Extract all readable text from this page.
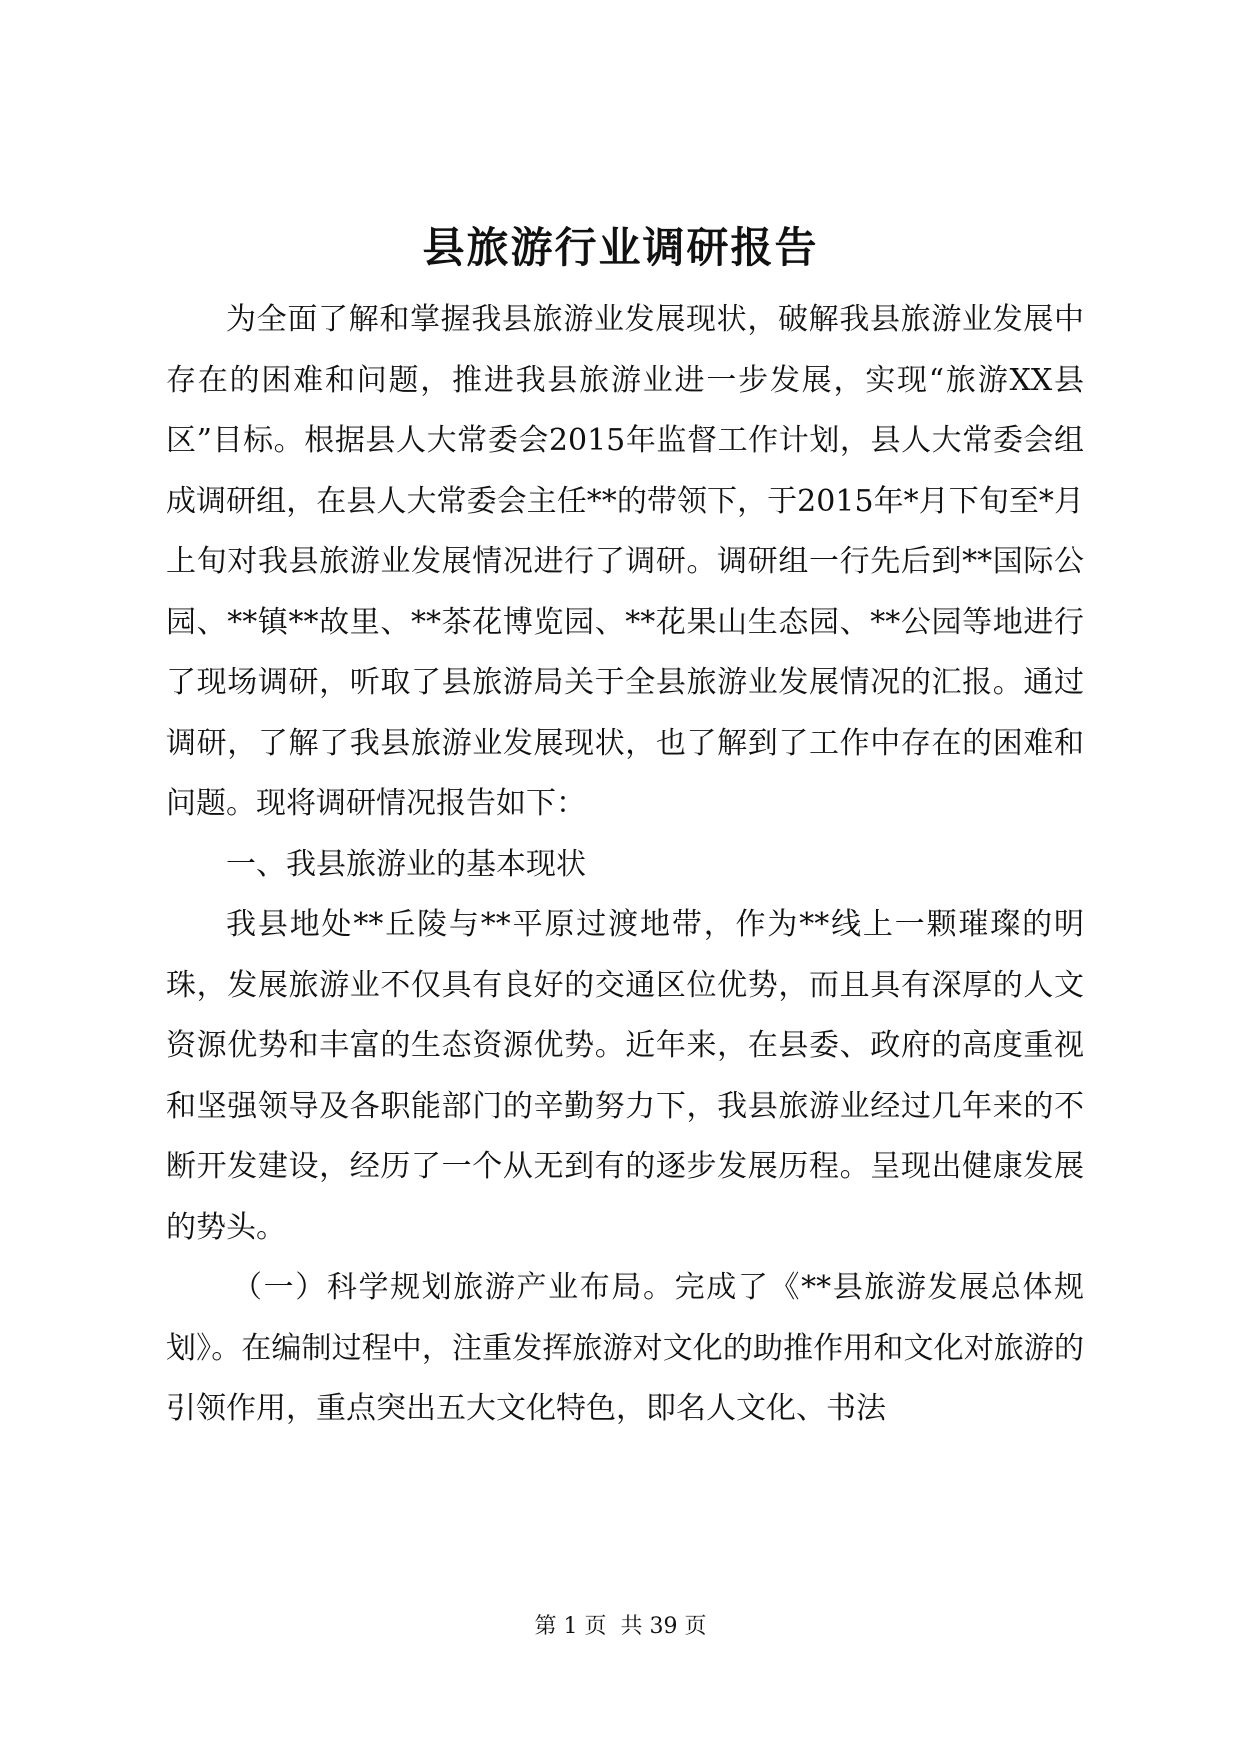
县旅游行业调研报告

为全面了解和掌握我县旅游业发展现状，破解我县旅游业发展中存在的困难和问题，推进我县旅游业进一步发展，实现“旅游XX县区”目标。根据县人大常委会2015年监督工作计划，县人大常委会组成调研组，在县人大常委会主任**的带领下，于2015年*月下旬至*月上旬对我县旅游业发展情况进行了调研。调研组一行先后到**国际公园、**镇**故里、**茶花博览园、**花果山生态园、**公园等地进行了现场调研，听取了县旅游局关于全县旅游业发展情况的汇报。通过调研，了解了我县旅游业发展现状，也了解到了工作中存在的困难和问题。现将调研情况报告如下：

一、我县旅游业的基本现状

我县地处**丘陵与**平原过渡地带，作为**线上一颗璀璨的明珠，发展旅游业不仅具有良好的交通区位优势，而且具有深厚的人文资源优势和丰富的生态资源优势。近年来，在县委、政府的高度重视和坚强领导及各职能部门的辛勤努力下，我县旅游业经过几年来的不断开发建设，经历了一个从无到有的逐步发展历程。呈现出健康发展的势头。

（一）科学规划旅游产业布局。完成了《**县旅游发展总体规划》。在编制过程中，注重发挥旅游对文化的助推作用和文化对旅游的引领作用，重点突出五大文化特色，即名人文化、书法

第 1 页  共 39 页
